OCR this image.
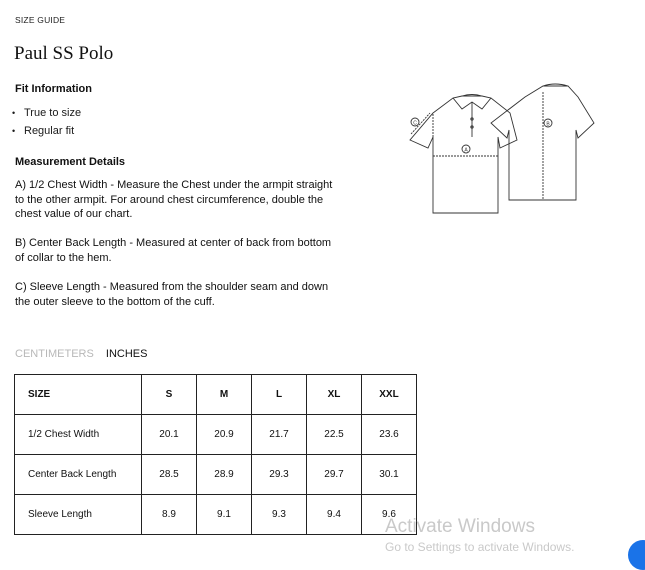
SIZE GUIDE
Paul SS Polo
Fit Information
• True to size
• Regular fit
Measurement Details
A) 1/2 Chest Width - Measure the Chest under the armpit straight to the other armpit. For around chest circumference, double the chest value of our chart.
B) Center Back Length - Measured at center of back from bottom of collar to the hem.
C) Sleeve Length - Measured from the shoulder seam and down the outer sleeve to the bottom of the cuff.
A
B
C
CENTIMETERS INCHES
SIZE	S	M	L	XL	XXL
1/2 Chest Width	20.1	20.9	21.7	22.5	23.6
Center Back Length	28.5	28.9	29.3	29.7	30.1
Sleeve Length	8.9	9.1	9.3	9.4	9.6
Activate Windows
Go to Settings to activate Windows.
